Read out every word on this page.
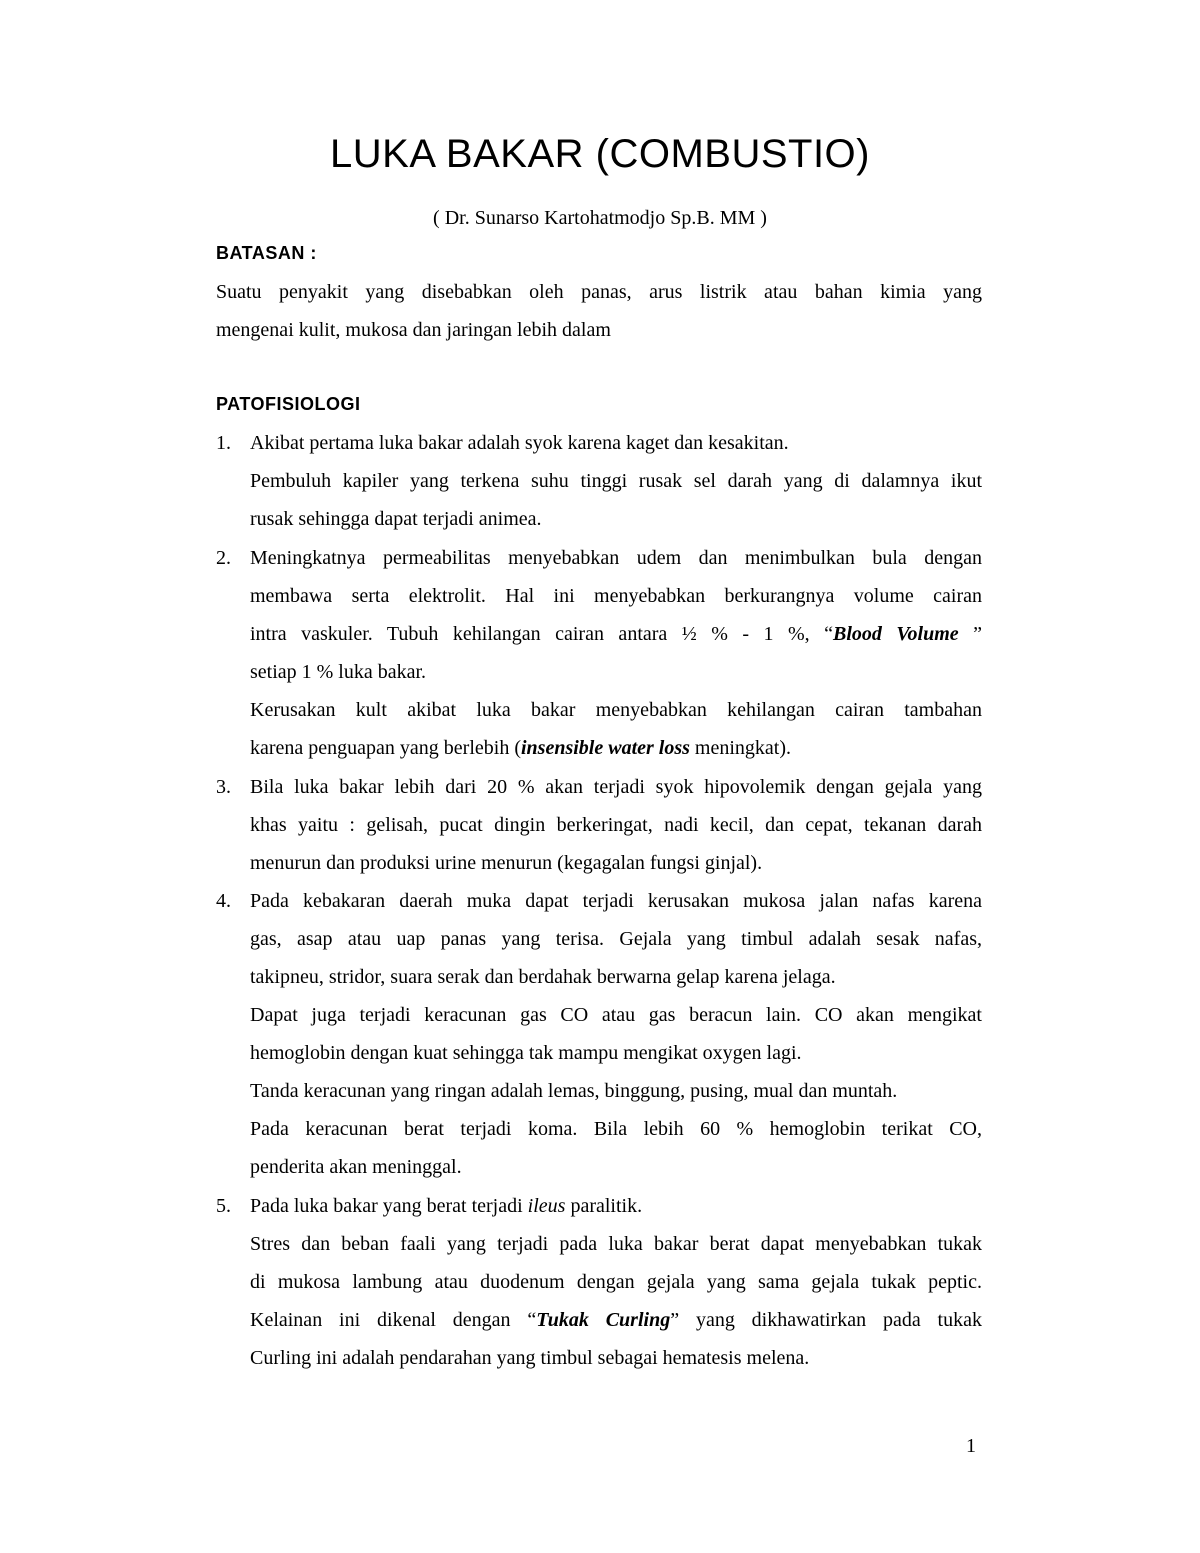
LUKA BAKAR (COMBUSTIO)
( Dr. Sunarso Kartohatmodjo Sp.B. MM )
BATASAN :
Suatu penyakit yang disebabkan oleh panas, arus listrik atau bahan kimia yang
mengenai kulit, mukosa dan jaringan lebih dalam
PATOFISIOLOGI
1. Akibat pertama luka bakar adalah syok karena kaget dan kesakitan.
Pembuluh kapiler yang terkena suhu tinggi rusak sel darah yang di dalamnya ikut
rusak sehingga dapat terjadi animea.
2. Meningkatnya permeabilitas menyebabkan udem dan menimbulkan bula dengan
membawa serta elektrolit. Hal ini menyebabkan berkurangnya volume cairan
intra vaskuler. Tubuh kehilangan cairan antara ½ % - 1 %, “Blood Volume ”
setiap 1 % luka bakar.
Kerusakan kult akibat luka bakar menyebabkan kehilangan cairan tambahan
karena penguapan yang berlebih (insensible water loss meningkat).
3. Bila luka bakar lebih dari 20 % akan terjadi syok hipovolemik dengan gejala yang
khas yaitu : gelisah, pucat dingin berkeringat, nadi kecil, dan cepat, tekanan darah
menurun dan produksi urine menurun (kegagalan fungsi ginjal).
4. Pada kebakaran daerah muka dapat terjadi kerusakan mukosa jalan nafas karena
gas, asap atau uap panas yang terisa. Gejala yang timbul adalah sesak nafas,
takipneu, stridor, suara serak dan berdahak berwarna gelap karena jelaga.
Dapat juga terjadi keracunan gas CO atau gas beracun lain. CO akan mengikat
hemoglobin dengan kuat sehingga tak mampu mengikat oxygen lagi.
Tanda keracunan yang ringan adalah lemas, binggung, pusing, mual dan muntah.
Pada keracunan berat terjadi koma. Bila lebih 60 % hemoglobin terikat CO,
penderita akan meninggal.
5. Pada luka bakar yang berat terjadi ileus paralitik.
Stres dan beban faali yang terjadi pada luka bakar berat dapat menyebabkan tukak
di mukosa lambung atau duodenum dengan gejala yang sama gejala tukak peptic.
Kelainan ini dikenal dengan “Tukak Curling” yang dikhawatirkan pada tukak
Curling ini adalah pendarahan yang timbul sebagai hematesis melena.
1
